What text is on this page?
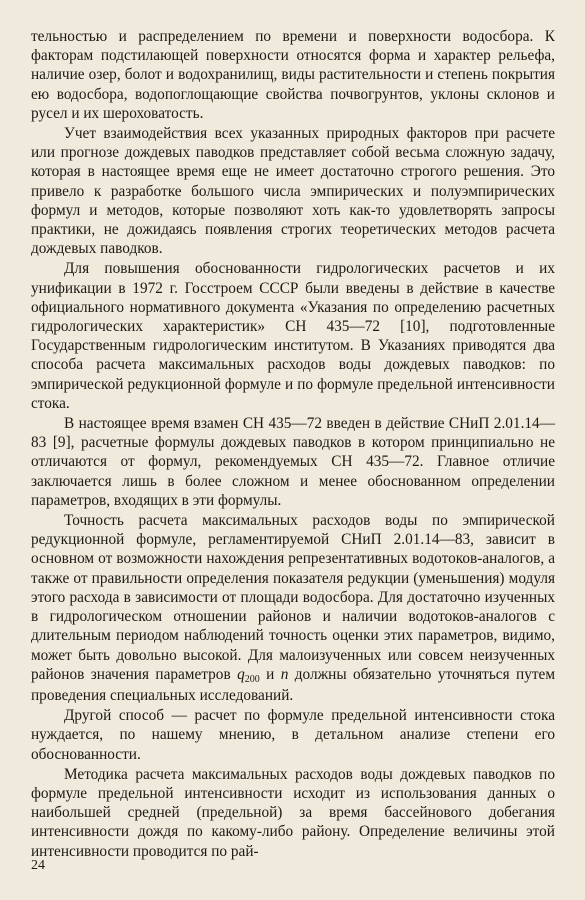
тельностью и распределением по времени и поверхности водосбора. К факторам подстилающей поверхности относятся форма и характер рельефа, наличие озер, болот и водохранилищ, виды растительности и степень покрытия ею водосбора, водопоглощающие свойства почвогрунтов, уклоны склонов и русел и их шероховатость.

Учет взаимодействия всех указанных природных факторов при расчете или прогнозе дождевых паводков представляет собой весьма сложную задачу, которая в настоящее время еще не имеет достаточно строгого решения. Это привело к разработке большого числа эмпирических и полуэмпирических формул и методов, которые позволяют хоть как-то удовлетворять запросы практики, не дожидаясь появления строгих теоретических методов расчета дождевых паводков.

Для повышения обоснованности гидрологических расчетов и их унификации в 1972 г. Госстроем СССР были введены в действие в качестве официального нормативного документа «Указания по определению расчетных гидрологических характеристик» СН 435—72 [10], подготовленные Государственным гидрологическим институтом. В Указаниях приводятся два способа расчета максимальных расходов воды дождевых паводков: по эмпирической редукционной формуле и по формуле предельной интенсивности стока.

В настоящее время взамен СН 435—72 введен в действие СНиП 2.01.14—83 [9], расчетные формулы дождевых паводков в котором принципиально не отличаются от формул, рекомендуемых СН 435—72. Главное отличие заключается лишь в более сложном и менее обоснованном определении параметров, входящих в эти формулы.

Точность расчета максимальных расходов воды по эмпирической редукционной формуле, регламентируемой СНиП 2.01.14—83, зависит в основном от возможности нахождения репрезентативных водотоков-аналогов, а также от правильности определения показателя редукции (уменьшения) модуля этого расхода в зависимости от площади водосбора. Для достаточно изученных в гидрологическом отношении районов и наличии водотоков-аналогов с длительным периодом наблюдений точность оценки этих параметров, видимо, может быть довольно высокой. Для малоизученных или совсем неизученных районов значения параметров q200 и n должны обязательно уточняться путем проведения специальных исследований.

Другой способ — расчет по формуле предельной интенсивности стока нуждается, по нашему мнению, в детальном анализе степени его обоснованности.

Методика расчета максимальных расходов воды дождевых паводков по формуле предельной интенсивности исходит из использования данных о наибольшей средней (предельной) за время бассейнового добегания интенсивности дождя по какому-либо району. Определение величины этой интенсивности проводится по рай-

24
